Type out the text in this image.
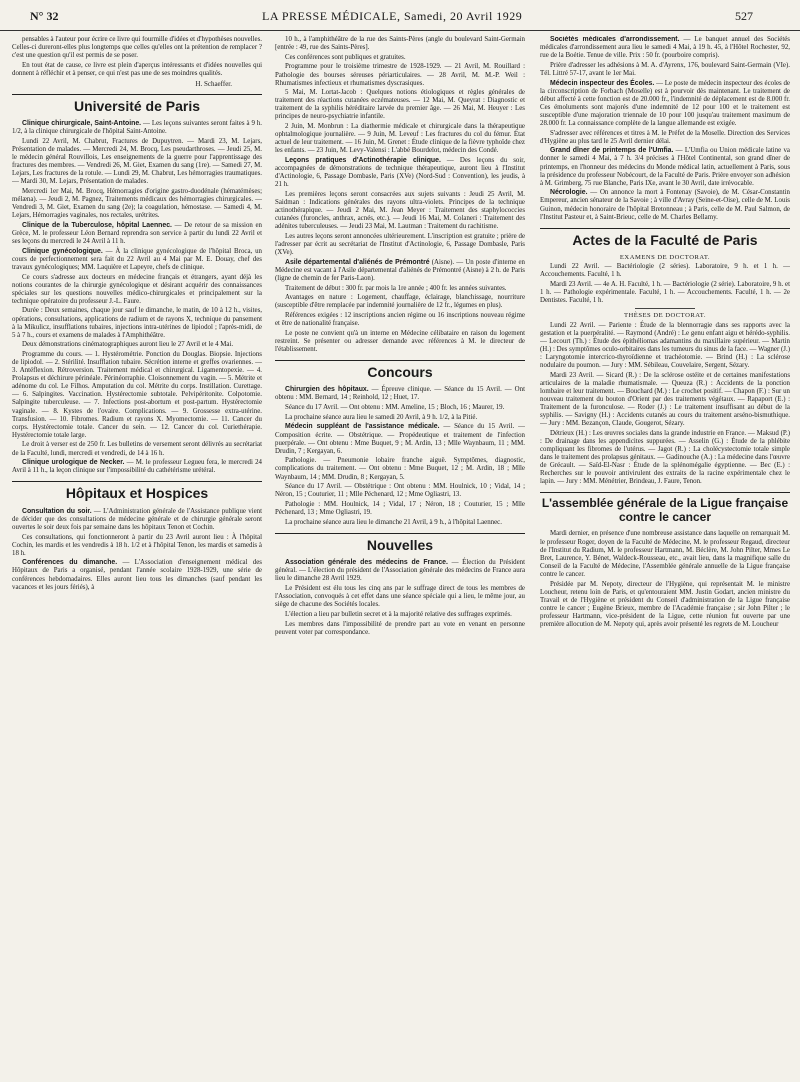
N° 32	LA PRESSE MÉDICALE, Samedi, 20 Avril 1929	527

pensables à l'auteur pour écrire ce livre qui fourmille d'idées et d'hypothèses nouvelles. Celles-ci dureront-elles plus longtemps que celles qu'elles ont la prétention de remplacer ? c'est une question qu'il est permis de se poser.

En tout état de cause, ce livre est plein d'aperçus intéressants et d'idées nouvelles qui donnent à réfléchir et à penser, ce qui n'est pas une de ses moindres qualités.

H. Schaeffer.
Université de Paris

Clinique chirurgicale, Saint-Antoine. — Les leçons suivantes seront faites à 9 h. 1/2, à la clinique chirurgicale de l'hôpital Saint-Antoine.

Lundi 22 Avril, M. Chabrut, Fractures de Dupuytren. — Mardi 23, M. Lejars, Présentation de malades. — Mercredi 24, M. Brocq, Les pseudarthroses. — Jeudi 25, M. le médecin général Rouvillois, Les enseignements de la guerre pour l'apprentissage des fractures des membres. — Vendredi 26, M. Giet, Examen du sang (1re). — Samedi 27, M. Lejars, Les fractures de la rotule. — Lundi 29, M. Chabrut, Les hémorragies traumatiques. — Mardi 30, M. Lejars, Présentation de malades.

Mercredi 1er Mai, M. Brocq, Hémorragies d'origine gastro-duodénale (hématémèses; mélæna). — Jeudi 2, M. Pagnez, Traitements médicaux des hémorragies chirurgicales. — Vendredi 3, M. Giet, Examen du sang (2e); la coagulation, hémostase. — Samedi 4, M. Lejars, Hémorragies vaginales, nos rectales, urétrites.

Clinique de la Tuberculose, hôpital Laennec. — De retour de sa mission en Grèce, M. le professeur Léon Bernard reprendra son service à partir du lundi 22 Avril et ses leçons du mercredi le 24 Avril à 11 h.

Clinique gynécologique. — À la clinique gynécologique de l'hôpital Broca, un cours de perfectionnement sera fait du 22 Avril au 4 Mai par M. E. Douay, chef des travaux gynécologiques; MM. Laquière et Lapeyre, chefs de clinique.

Ce cours s'adresse aux docteurs en médecine français et étrangers, ayant déjà les notions courantes de la chirurgie gynécologique et désirant acquérir des connaissances spéciales sur les questions nouvelles médico-chirurgicales et principalement sur la technique opératoire du professeur J.-L. Faure.

Durée : Deux semaines, chaque jour sauf le dimanche, le matin, de 10 à 12 h., visites, opérations, consultations, applications de radium et de rayons X, technique du pansement à la Mikulicz, insufflations tubaires, injections intra-utérines de lipiodol ; l'après-midi, de 5 à 7 h., cours et examens de malades à l'Amphithéâtre.

Deux démonstrations cinématographiques auront lieu le 27 Avril et le 4 Mai.

Programme du cours. — 1. Hystérométrie. Ponction du Douglas. Biopsie. Injections de lipiodol. — 2. Stérilité. Insufflation tubaire. Sécrétion interne et greffes ovariennes. — 3. Antéflexion. Rétroversion. Traitement médical et chirurgical. Ligamentopexie. — 4. Prolapsus et déchirure périnéale. Périnéorraphie. Cloisonnement du vagin. — 5. Métrite et adénome du col. Le Filhos. Amputation du col. Métrite du corps. Instillation. Curettage. — 6. Salpingites. Vaccination. Hystérectomie subtotale. Pelvipéritonite. Colpotomie. Salpingite tuberculeuse. — 7. Infections post-abortum et post-partum. Hystérectomie vaginale. — 8. Kystes de l'ovaire. Complications. — 9. Grossesse extra-utérine. Transfusion. — 10. Fibromes. Radium et rayons X. Myomectomie. — 11. Cancer du corps. Hystérectomie totale. Cancer du sein. — 12. Cancer du col. Curiethérapie. Hystérectomie totale large.

Le droit à verser est de 250 fr. Les bulletins de versement seront délivrés au secrétariat de la Faculté, lundi, mercredi et vendredi, de 14 à 16 h.

Clinique urologique de Necker. — M. le professeur Legueu fera, le mercredi 24 Avril à 11 h., la leçon clinique sur l'impossibilité du cathétérisme urétéral.

Hôpitaux et Hospices

Consultation du soir. — L'Administration générale de l'Assistance publique vient de décider que des consultations de médecine générale et de chirurgie générale seront ouvertes le soir deux fois par semaine dans les hôpitaux Tenon et Cochin.

Ces consultations, qui fonctionneront à partir du 23 Avril auront lieu : À l'hôpital Cochin, les mardis et les vendredis à 18 h. 1/2 et à l'hôpital Tenon, les mardis et samedis à 18 h.

Conférences du dimanche. — L'Association d'enseignement médical des Hôpitaux de Paris a organisé, pendant l'année scolaire 1928-1929, une série de conférences hebdomadaires. Elles auront lieu tous les dimanches (sauf pendant les vacances et les jours fériés), à

10 h., à l'amphithéâtre de la rue des Saints-Pères (angle du boulevard Saint-Germain [entrée : 49, rue des Saints-Pères].

Ces conférences sont publiques et gratuites.

Programme pour le troisième trimestre de 1928-1929. — 21 Avril, M. Rouillard : Pathologie des bourses séreuses périarticulaires. — 28 Avril, M. M.-P. Weil : Rhumatismes infectieux et rhumatismes dyscrasiques.

5 Mai, M. Lortat-Jacob : Quelques notions étiologiques et règles générales de traitement des réactions cutanées eczémateuses. — 12 Mai, M. Queyrat : Diagnostic et traitement de la syphilis héréditaire larvée du premier âge. — 26 Mai, M. Heuyer : Les principes de neuro-psychiatrie infantile.

2 Juin, M. Monbrun : La diathermie médicale et chirurgicale dans la thérapeutique ophtalmologique journalière. — 9 Juin, M. Leveuf : Les fractures du col du fémur. État actuel de leur traitement. — 16 Juin, M. Grenet : Étude clinique de la fièvre typhoïde chez les enfants. — 23 Juin, M. Levy-Valensi : L'abbé Bourdelot, médecin des Condé.

Leçons pratiques d'Actinothérapie clinique. — Des leçons du soir, accompagnées de démonstrations de technique thérapeutique, auront lieu à l'Institut d'Actinologie, 6, Passage Dombasle, Paris (XVe) (Nord-Sud : Convention), les jeudis, à 21 h.

Les premières leçons seront consacrées aux sujets suivants : Jeudi 25 Avril, M. Saidman : Indications générales des rayons ultra-violets. Principes de la technique actinothérapique. — Jeudi 2 Mai, M. Jean Meyer : Traitement des staphylococcies cutanées (furoncles, anthrax, acnés, etc.). — Jeudi 16 Mai, M. Colaneri : Traitement des adénites tuberculeuses. — Jeudi 23 Mai, M. Lautman : Traitement du rachitisme.

Les autres leçons seront annoncées ultérieurement. L'inscription est gratuite ; prière de l'adresser par écrit au secrétariat de l'Institut d'Actinologie, 6, Passage Dombasle, Paris (XVe).

Asile départemental d'aliénés de Prémontré (Aisne). — Un poste d'interne en Médecine est vacant à l'Asile départemental d'aliénés de Prémontré (Aisne) à 2 h. de Paris (ligne de chemin de fer Paris-Laon).

Traitement de début : 300 fr. par mois la 1re année ; 400 fr. les années suivantes.

Avantages en nature : Logement, chauffage, éclairage, blanchissage, nourriture (susceptible d'être remplacée par indemnité journalière de 12 fr., légumes en plus).

Références exigées : 12 inscriptions ancien régime ou 16 inscriptions nouveau régime et être de nationalité française.

Le poste ne convient qu'à un interne en Médecine célibataire en raison du logement restreint. Se présenter ou adresser demande avec références à M. le directeur de l'établissement.

Concours

Chirurgien des hôpitaux. — Épreuve clinique. — Séance du 15 Avril. — Ont obtenu : MM. Bernard, 14 ; Reinhold, 12 ; Huet, 17.

Séance du 17 Avril. — Ont obtenu : MM. Ameline, 15 ; Bloch, 16 ; Maurer, 19.

La prochaine séance aura lieu le samedi 20 Avril, à 9 h. 1/2, à la Pitié.

Médecin suppléant de l'assistance médicale. — Séance du 15 Avril. — Composition écrite. — Obstétrique. — Propédeutique et traitement de l'infection puerpérale. — Ont obtenu : Mme Buquet, 9 ; M. Ardin, 13 ; Mlle Waynbaum, 11 ; MM. Drudin, 7 ; Kergayan, 6.

Pathologie. — Pneumonie lobaire franche aiguë. Symptômes, diagnostic, complications du traitement. — Ont obtenu : Mme Buquet, 12 ; M. Ardin, 18 ; Mlle Waynbaum, 14 ; MM. Drudin, 8 ; Kergayan, 5.

Séance du 17 Avril. — Obstétrique : Ont obtenu : MM. Houlnick, 10 ; Vidal, 14 ; Néron, 15 ; Couturier, 11 ; Mlle Péchenard, 12 ; Mme Ogliastri, 13.

Pathologie : MM. Houlnick, 14 ; Vidal, 17 ; Néron, 18 ; Couturier, 15 ; Mlle Péchenard, 13 ; Mme Ogliastri, 19.

La prochaine séance aura lieu le dimanche 21 Avril, à 9 h., à l'hôpital Laennec.

Nouvelles

Association générale des médecins de France. — Élection du Président général. — L'élection du président de l'Association générale des médecins de France aura lieu le dimanche 28 Avril 1929.

Le Président est élu tous les cinq ans par le suffrage direct de tous les membres de l'Association, convoqués à cet effet dans une séance spéciale qui a lieu, le même jour, au siège de chacune des Sociétés locales.

L'élection a lieu par bulletin secret et à la majorité relative des suffrages exprimés.

Les membres dans l'impossibilité de prendre part au vote en venant en personne peuvent voter par correspondance.

Sociétés médicales d'arrondissement. — Le banquet annuel des Sociétés médicales d'arrondissement aura lieu le samedi 4 Mai, à 19 h. 45, à l'Hôtel Rochester, 92, rue de la Boétie. Tenue de ville. Prix : 50 fr. (pourboire compris).

Prière d'adresser les adhésions à M. A. d'Ayrenx, 176, boulevard Saint-Germain (VIe). Tél. Littré 57-17, avant le 1er Mai.

Médecin inspecteur des Écoles. — Le poste de médecin inspecteur des écoles de la circonscription de Forbach (Moselle) est à pourvoir dès maintenant. Le traitement de début affecté à cette fonction est de 20.000 fr., l'indemnité de déplacement est de 8.000 fr. Ces émoluments sont majorés d'une indemnité de 12 pour 100 et le traitement est susceptible d'une majoration triennale de 10 pour 100 jusqu'au traitement maximum de 28.000 fr. La connaissance complète de la langue allemande est exigée.

S'adresser avec références et titres à M. le Préfet de la Moselle. Direction des Services d'Hygiène au plus tard le 25 Avril dernier délai.

Grand dîner de printemps de l'Umfia. — L'Umfia ou Union médicale latine va donner le samedi 4 Mai, à 7 h. 3/4 précises à l'Hôtel Continental, son grand dîner de printemps, en l'honneur des médecins du Monde médical latin, actuellement à Paris, sous la présidence du professeur Nobécourt, de la Faculté de Paris. Prière envoyer son adhésion à M. Grimberg, 75 rue Blanche, Paris IXe, avant le 30 Avril, date irrévocable.

Nécrologie. — On annonce la mort à Fontenay (Savoie), de M. César-Constantin Empereur, ancien sénateur de la Savoie ; à ville d'Avray (Seine-et-Oise), celle de M. Louis Guinon, médecin honoraire de l'hôpital Bretonneau ; à Paris, celle de M. Paul Salmon, de l'Institut Pasteur et, à Saint-Brieuc, celle de M. Charles Bellamy.

Actes de la Faculté de Paris

EXAMENS DE DOCTORAT.

Lundi 22 Avril. — Bactériologie (2 séries). Laboratoire, 9 h. et 1 h. — Accouchements. Faculté, 1 h.

Mardi 23 Avril. — 4e A. H. Faculté, 1 h. — Bactériologie (2 série). Laboratoire, 9 h. et 1 h. — Pathologie expérimentale. Faculté, 1 h. — Accouchements. Faculté, 1 h. — 2e Dentistes. Faculté, 1 h.

THÈSES DE DOCTORAT.

Lundi 22 Avril. — Pariente : Étude de la blennorragie dans ses rapports avec la gestation et la puerpéralité. — Raymond (André) : Le genu enfant aigu et hérédo-syphilis. — Lecourt (Th.) : Étude des épithéliomas adamantins du maxillaire supérieur. — Martin (H.) : Des symptômes oculo-orbitaires dans les tumeurs du sinus de la face. — Wagner (J.) : Laryngotomie intercrico-thyroïdienne et trachéotomie. — Brind (H.) : La sclérose nodulaire du poumon. — Jury : MM. Sébileau, Couvelaire, Sergent, Sézary.

Mardi 23 Avril. — Sicard (R.) : De la sclérose ostéite et de certaines manifestations articulaires de la maladie rhumatismale. — Queuza (R.) : Accidents de la ponction lombaire et leur traitement. — Bouchard (M.) : Le crochet positif. — Chapon (F.) : Sur un nouveau traitement du bouton d'Orient par des traitements végétaux. — Rapaport (E.) : Traitement de la furonculose. — Roder (J.) : Le traitement insuffisant au début de la syphilis. — Savigny (H.) : Accidents cutanés au cours du traitement arséno-bismuthique. — Jury : MM. Bezançon, Claude, Gougerot, Sézary.

Détrieux (H.) : Les œuvres sociales dans la grande industrie en France. — Maksud (P.) : De drainage dans les appendicites suppurées. — Asselin (G.) : Étude de la phlébite compliquant les fibromes de l'utérus. — Jagot (R.) : La cholécystectomie totale simple dans le traitement des prolapsus génitaux. — Gadinouche (A.) : La médecine dans l'œuvre de Grécault. — Saïd-El-Nasr : Étude de la splénomégalie égyptienne. — Bec (E.) : Recherches sur le pouvoir antivirulent des extraits de la racine expérimentale chez le lapin. — Jury : MM. Ménétrier, Brindeau, J. Faure, Tenon.

L'assemblée générale de la Ligue française contre le cancer

Mardi dernier, en présence d'une nombreuse assistance dans laquelle on remarquait M. le professeur Roger, doyen de la Faculté de Médecine, M. le professeur Regaud, directeur de l'Institut du Radium, M. le professeur Hartmann, M. Béclère, M. John Pilter, Mmes Le Bret, Laurence, Y. Bénet, Waldeck-Rousseau, etc., avait lieu, dans la magnifique salle du Conseil de la Faculté de Médecine, l'Assemblée générale annuelle de la Ligue française contre le cancer.

Présidée par M. Nepoty, directeur de l'Hygiène, qui représentait M. le ministre Loucheur, retenu loin de Paris, et qu'entouraient MM. Justin Godart, ancien ministre du Travail et de l'Hygiène et président du Conseil d'administration de la Ligue française contre le cancer ; Eugène Brieux, membre de l'Académie française ; sir John Pilter ; le professeur Hartmann, vice-président de la Ligue, cette réunion fut ouverte par une première allocution de M. Nepoty qui, après avoir présenté les regrets de M. Loucheur
